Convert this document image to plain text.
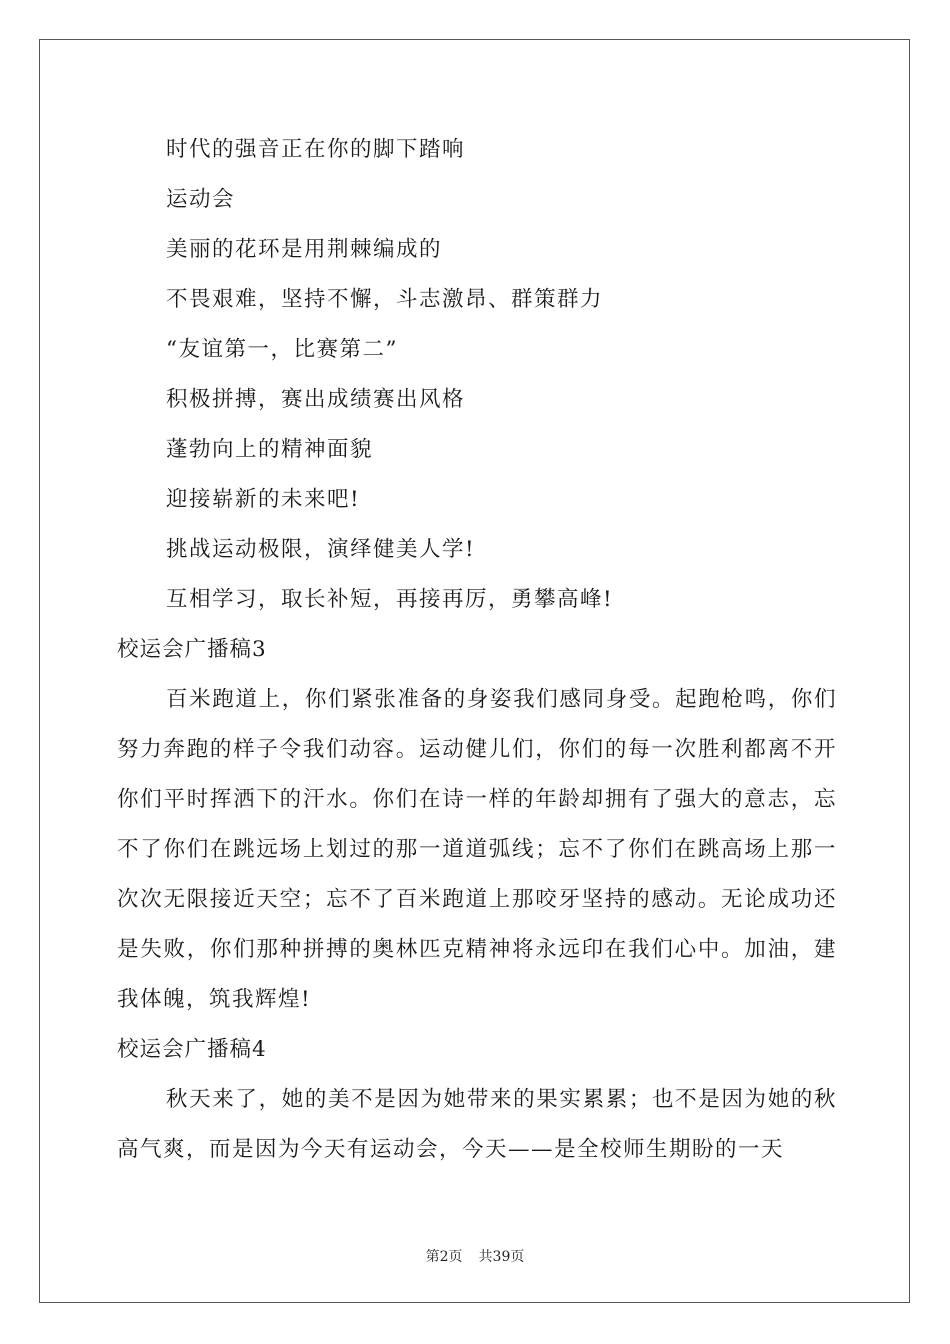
时代的强音正在你的脚下踏响
运动会
美丽的花环是用荆棘编成的
不畏艰难，坚持不懈，斗志激昂、群策群力
“友谊第一，比赛第二”
积极拼搏，赛出成绩赛出风格
蓬勃向上的精神面貌
迎接崭新的未来吧!
挑战运动极限，演绎健美人学!
互相学习，取长补短，再接再厉，勇攀高峰!
校运会广播稿3

百米跑道上，你们紧张准备的身姿我们感同身受。起跑枪鸣，你们努力奔跑的样子令我们动容。运动健儿们，你们的每一次胜利都离不开你们平时挥洒下的汗水。你们在诗一样的年龄却拥有了强大的意志，忘不了你们在跳远场上划过的那一道道弧线；忘不了你们在跳高场上那一次次无限接近天空；忘不了百米跑道上那咬牙坚持的感动。无论成功还是失败，你们那种拼搏的奥林匹克精神将永远印在我们心中。加油，建我体魄，筑我辉煌!

校运会广播稿4

秋天来了，她的美不是因为她带来的果实累累；也不是因为她的秋高气爽，而是因为今天有运动会，今天——是全校师生期盼的一天

第2页 共39页
